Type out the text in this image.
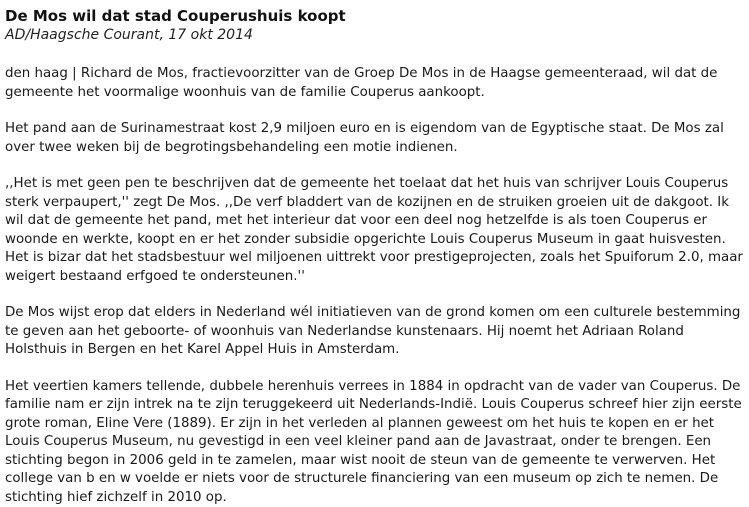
De Mos wil dat stad Couperushuis koopt
AD/Haagsche Courant, 17 okt 2014

den haag | Richard de Mos, fractievoorzitter van de Groep De Mos in de Haagse gemeenteraad, wil dat de gemeente het voormalige woonhuis van de familie Couperus aankoopt.

Het pand aan de Surinamestraat kost 2,9 miljoen euro en is eigendom van de Egyptische staat. De Mos zal over twee weken bij de begrotingsbehandeling een motie indienen.

,,Het is met geen pen te beschrijven dat de gemeente het toelaat dat het huis van schrijver Louis Couperus sterk verpaupert,'' zegt De Mos. ,,De verf bladdert van de kozijnen en de struiken groeien uit de dakgoot. Ik wil dat de gemeente het pand, met het interieur dat voor een deel nog hetzelfde is als toen Couperus er woonde en werkte, koopt en er het zonder subsidie opgerichte Louis Couperus Museum in gaat huisvesten. Het is bizar dat het stadsbestuur wel miljoenen uittrekt voor prestigeprojecten, zoals het Spuiforum 2.0, maar weigert bestaand erfgoed te ondersteunen.''

De Mos wijst erop dat elders in Nederland wél initiatieven van de grond komen om een culturele bestemming te geven aan het geboorte- of woonhuis van Nederlandse kunstenaars. Hij noemt het Adriaan Roland Holsthuis in Bergen en het Karel Appel Huis in Amsterdam.

Het veertien kamers tellende, dubbele herenhuis verrees in 1884 in opdracht van de vader van Couperus. De familie nam er zijn intrek na te zijn teruggekeerd uit Nederlands-Indië. Louis Couperus schreef hier zijn eerste grote roman, Eline Vere (1889). Er zijn in het verleden al plannen geweest om het huis te kopen en er het Louis Couperus Museum, nu gevestigd in een veel kleiner pand aan de Javastraat, onder te brengen. Een stichting begon in 2006 geld in te zamelen, maar wist nooit de steun van de gemeente te verwerven. Het college van b en w voelde er niets voor de structurele financiering van een museum op zich te nemen. De stichting hief zichzelf in 2010 op.
